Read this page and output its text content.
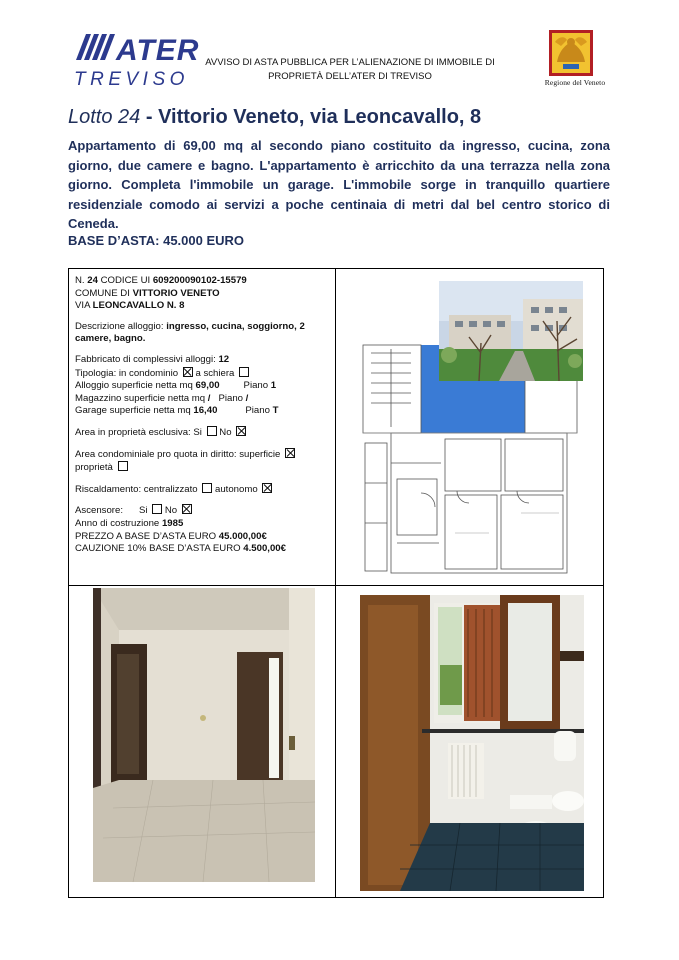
ATER
TREVISO
AVVISO DI ASTA PUBBLICA PER L’ALIENAZIONE DI IMMOBILE DI
PROPRIETÀ DELL’ATER DI TREVISO
Regione del Veneto
Lotto 24 - Vittorio Veneto, via Leoncavallo, 8
Appartamento di 69,00 mq al secondo piano costituito da ingresso, cucina, zona giorno, due camere e bagno. L'appartamento è arricchito da una terrazza nella zona giorno. Completa l'immobile un garage. L'immobile sorge in tranquillo quartiere residenziale comodo ai servizi a poche centinaia di metri dal bel centro storico di Ceneda.
BASE D’ASTA: 45.000 EURO

N. 24 CODICE UI 609200090102-15579

COMUNE DI VITTORIO VENETO

VIA LEONCAVALLO N. 8

Descrizione alloggio: ingresso, cucina, soggiorno, 2 camere, bagno.

Fabbricato di complessivi alloggi: 12

Tipologia: in condominio  a schiera

Alloggio superficie netta mq 69,00	Piano 1

Magazzino superficie netta mq / Piano /

Garage superficie netta mq 16,40	Piano T

Area in proprietà esclusiva: Si  No

Area condominiale pro quota in diritto: superficie
proprietà

Riscaldamento: centralizzato  autonomo

Ascensore: Si  No

Anno di costruzione 1985

PREZZO A BASE D’ASTA EURO 45.000,00€

CAUZIONE 10% BASE D’ASTA EURO 4.500,00€
